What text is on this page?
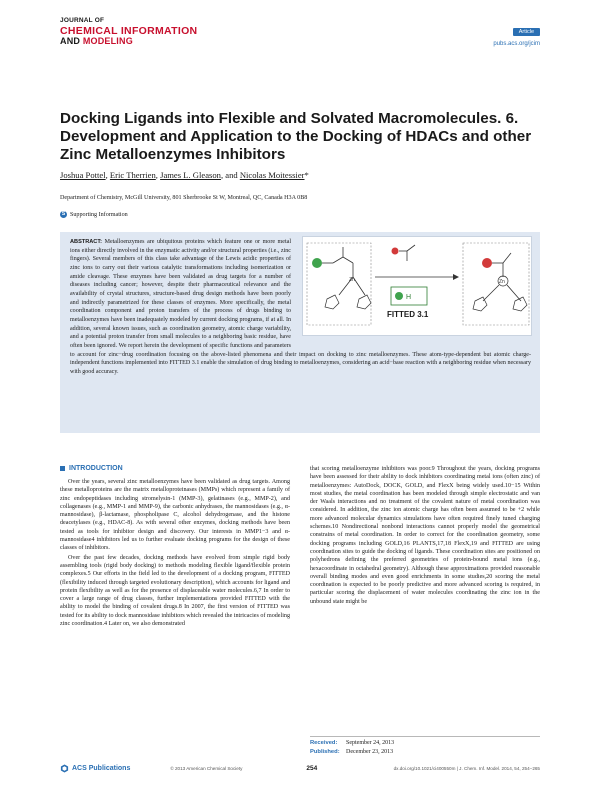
JOURNAL OF
CHEMICAL INFORMATION
AND MODELING
Article
pubs.acs.org/jcim
Docking Ligands into Flexible and Solvated Macromolecules. 6. Development and Application to the Docking of HDACs and other Zinc Metalloenzymes Inhibitors
Joshua Pottel, Eric Therrien, James L. Gleason, and Nicolas Moitessier*
Department of Chemistry, McGill University, 801 Sherbrooke St W, Montreal, QC, Canada H3A 0B8
S Supporting Information
ABSTRACT: Metalloenzymes are ubiquitous proteins which feature one or more metal ions either directly involved in the enzymatic activity and/or structural properties (i.e., zinc fingers). Several members of this class take advantage of the Lewis acidic properties of zinc ions to carry out their various catalytic transformations including isomerization or amide cleavage. These enzymes have been validated as drug targets for a number of diseases including cancer; however, despite their pharmaceutical relevance and the availability of crystal structures, structure-based drug design methods have been poorly and indirectly parametrized for these classes of enzymes. More specifically, the metal coordination component and proton transfers of the process of drugs binding to metalloenzymes have been inadequately modeled by current docking programs, if at all. In addition, several known issues, such as coordination geometry, atomic charge variability, and a potential proton transfer from small molecules to a neighboring basic residue, have often been ignored. We report herein the development of specific functions and parameters to account for zinc−drug coordination focusing on the above-listed phenomena and their impact on docking to zinc metalloenzymes. These atom-type-dependent but atomic charge-independent functions implemented into FITTED 3.1 enable the simulation of drug binding to metalloenzymes, considering an acid−base reaction with a neighboring residue when necessary with good accuracy.
Zn
H
FITTED 3.1
Zn
INTRODUCTION

Over the years, several zinc metalloenzymes have been validated as drug targets. Among these metalloproteins are the matrix metalloproteinases (MMPs) which represent a family of zinc endopeptidases including stromelysin-1 (MMP-3), gelatinases (e.g., MMP-2), and collagenases (e.g., MMP-1 and MMP-9), the carbonic anhydrases, the mannosidases (e.g., α-mannosidase), β-lactamase, phospholipase C, alcohol dehydrogenase, and the histone deacetylases (e.g., HDAC-8). As with several other enzymes, docking methods have been tested as tools for inhibitor design and discovery. Our interests in MMP1−3 and α-mannosidase4 inhibitors led us to further evaluate docking programs for the design of these classes of inhibitors.

Over the past few decades, docking methods have evolved from simple rigid body assembling tools (rigid body docking) to methods modeling flexible ligand/flexible protein complexes.5 Our efforts in the field led to the development of a docking program, FITTED (flexibility induced through targeted evolutionary description), which accounts for ligand and protein flexibility as well as for the presence of displaceable water molecules.6,7 In order to cover a large range of drug classes, further implementations provided FITTED with the ability to model the binding of covalent drugs.8 In 2007, the first version of FITTED was tested for its ability to dock mannosidase inhibitors which revealed the intricacies of modeling zinc coordination.4 Later on, we also demonstrated

that scoring metalloenzyme inhibitors was poor.9 Throughout the years, docking programs have been assessed for their ability to dock inhibitors coordinating metal ions (often zinc) of metalloenzymes: AutoDock, DOCK, GOLD, and FlexX being widely used.10−15 Within most studies, the metal coordination has been modeled through simple electrostatic and van der Waals interactions and no treatment of the covalent nature of metal coordination was considered. In addition, the zinc ion atomic charge has often been assumed to be +2 while more advanced molecular dynamics simulations have often required finely tuned charging schemes.10 Nondirectional nonbond interactions cannot properly model the geometrical constrains of metal coordination. In order to correct for the coordination geometry, some docking programs including GOLD,16 PLANTS,17,18 FlexX,19 and FITTED are using coordination sites to guide the docking of ligands. These coordination sites are positioned on polyhedrons defining the preferred geometries of protein-bound metal ions (e.g., hexacoordinate in octahedral geometry). Although these approximations provided reasonable overall binding modes and even good enrichments in some studies,20 scoring the metal coordination is expected to be poorly predictive and more advanced scoring is required, in particular scoring the displacement of water molecules coordinating the zinc ion in the unbound state might be

Received: September 24, 2013
Published: December 23, 2013
ACS Publications	© 2013 American Chemical Society	254	dx.doi.org/10.1021/ci400550m | J. Chem. Inf. Model. 2014, 54, 254−265
